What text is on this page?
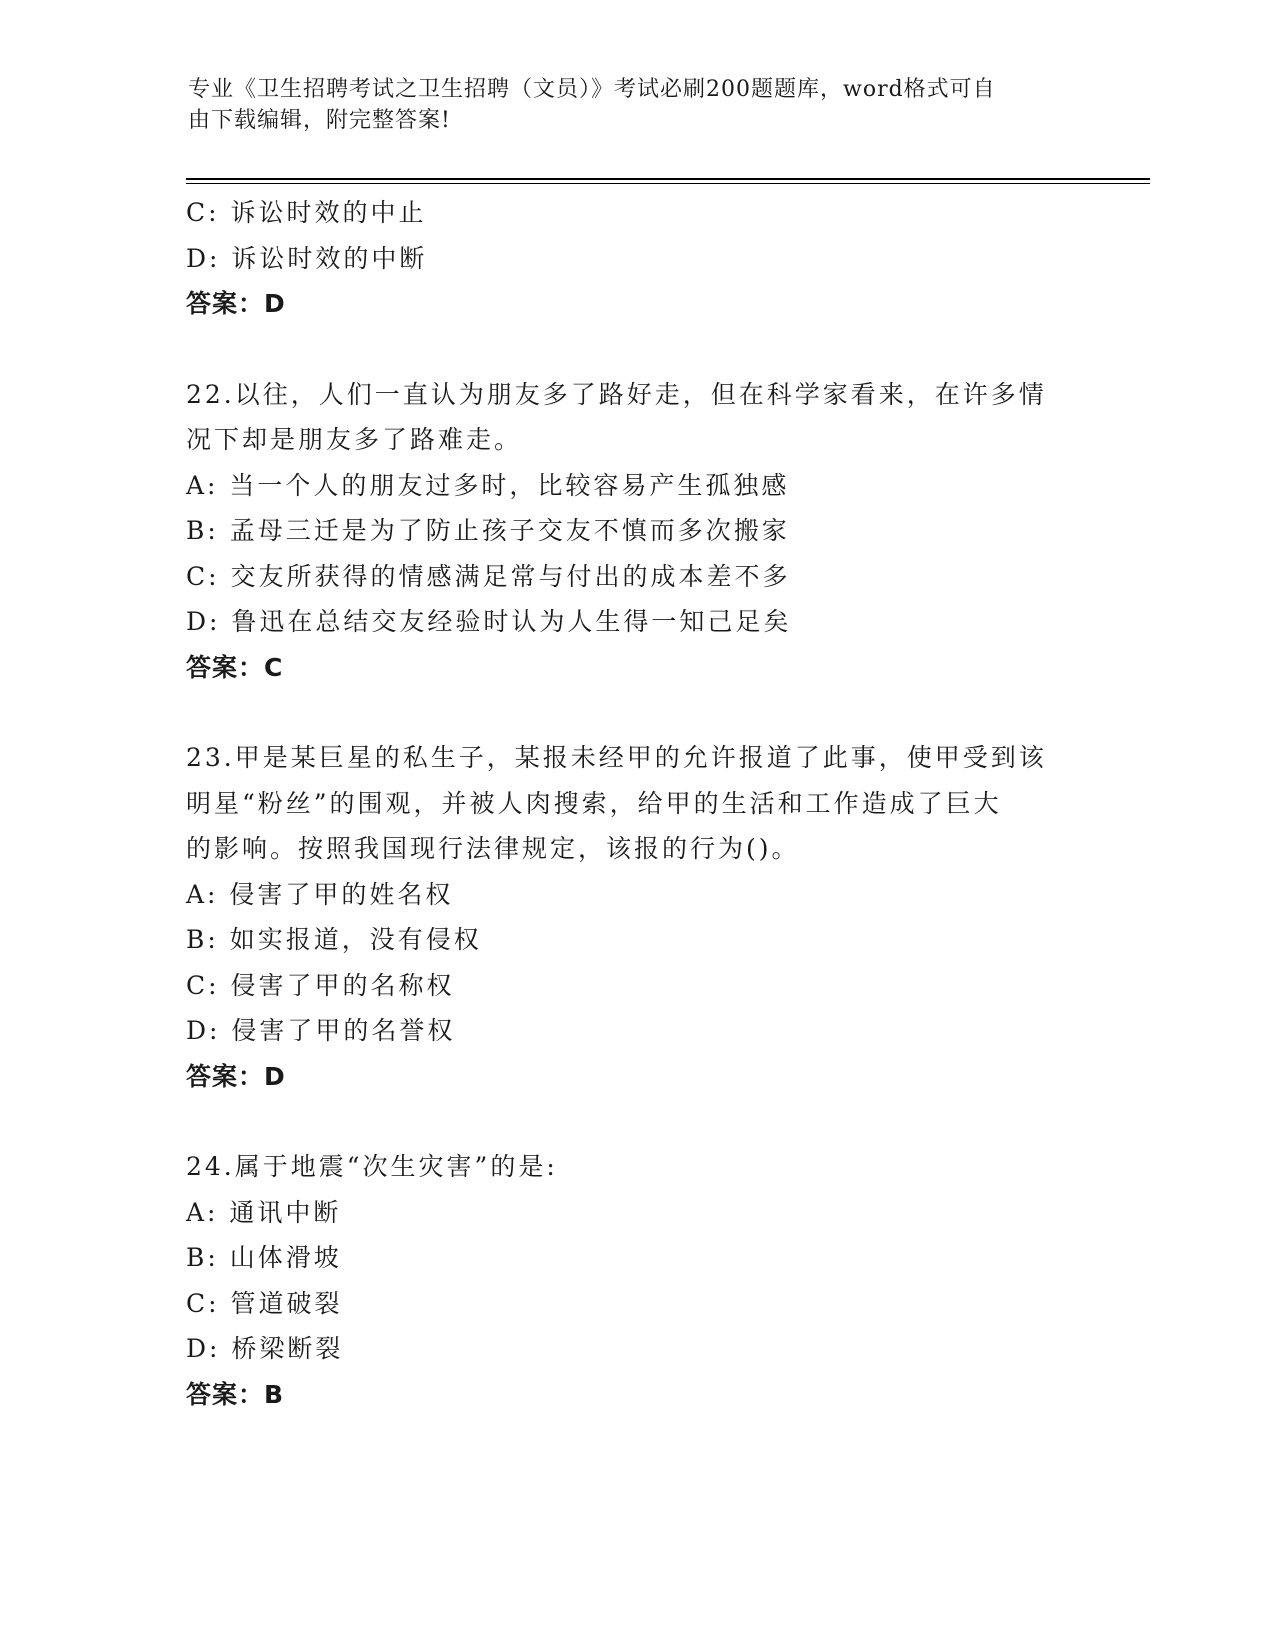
专业《卫生招聘考试之卫生招聘（文员）》考试必刷200题题库，word格式可自
由下载编辑，附完整答案!
C: 诉讼时效的中止
D: 诉讼时效的中断
答案：D
22.以往，人们一直认为朋友多了路好走，但在科学家看来，在许多情
况下却是朋友多了路难走。
A: 当一个人的朋友过多时，比较容易产生孤独感
B: 孟母三迁是为了防止孩子交友不慎而多次搬家
C: 交友所获得的情感满足常与付出的成本差不多
D: 鲁迅在总结交友经验时认为人生得一知己足矣
答案：C
23.甲是某巨星的私生子，某报未经甲的允许报道了此事，使甲受到该
明星“粉丝”的围观，并被人肉搜索，给甲的生活和工作造成了巨大
的影响。按照我国现行法律规定，该报的行为()。
A: 侵害了甲的姓名权
B: 如实报道，没有侵权
C: 侵害了甲的名称权
D: 侵害了甲的名誉权
答案：D
24.属于地震“次生灾害”的是:
A: 通讯中断
B: 山体滑坡
C: 管道破裂
D: 桥梁断裂
答案：B
